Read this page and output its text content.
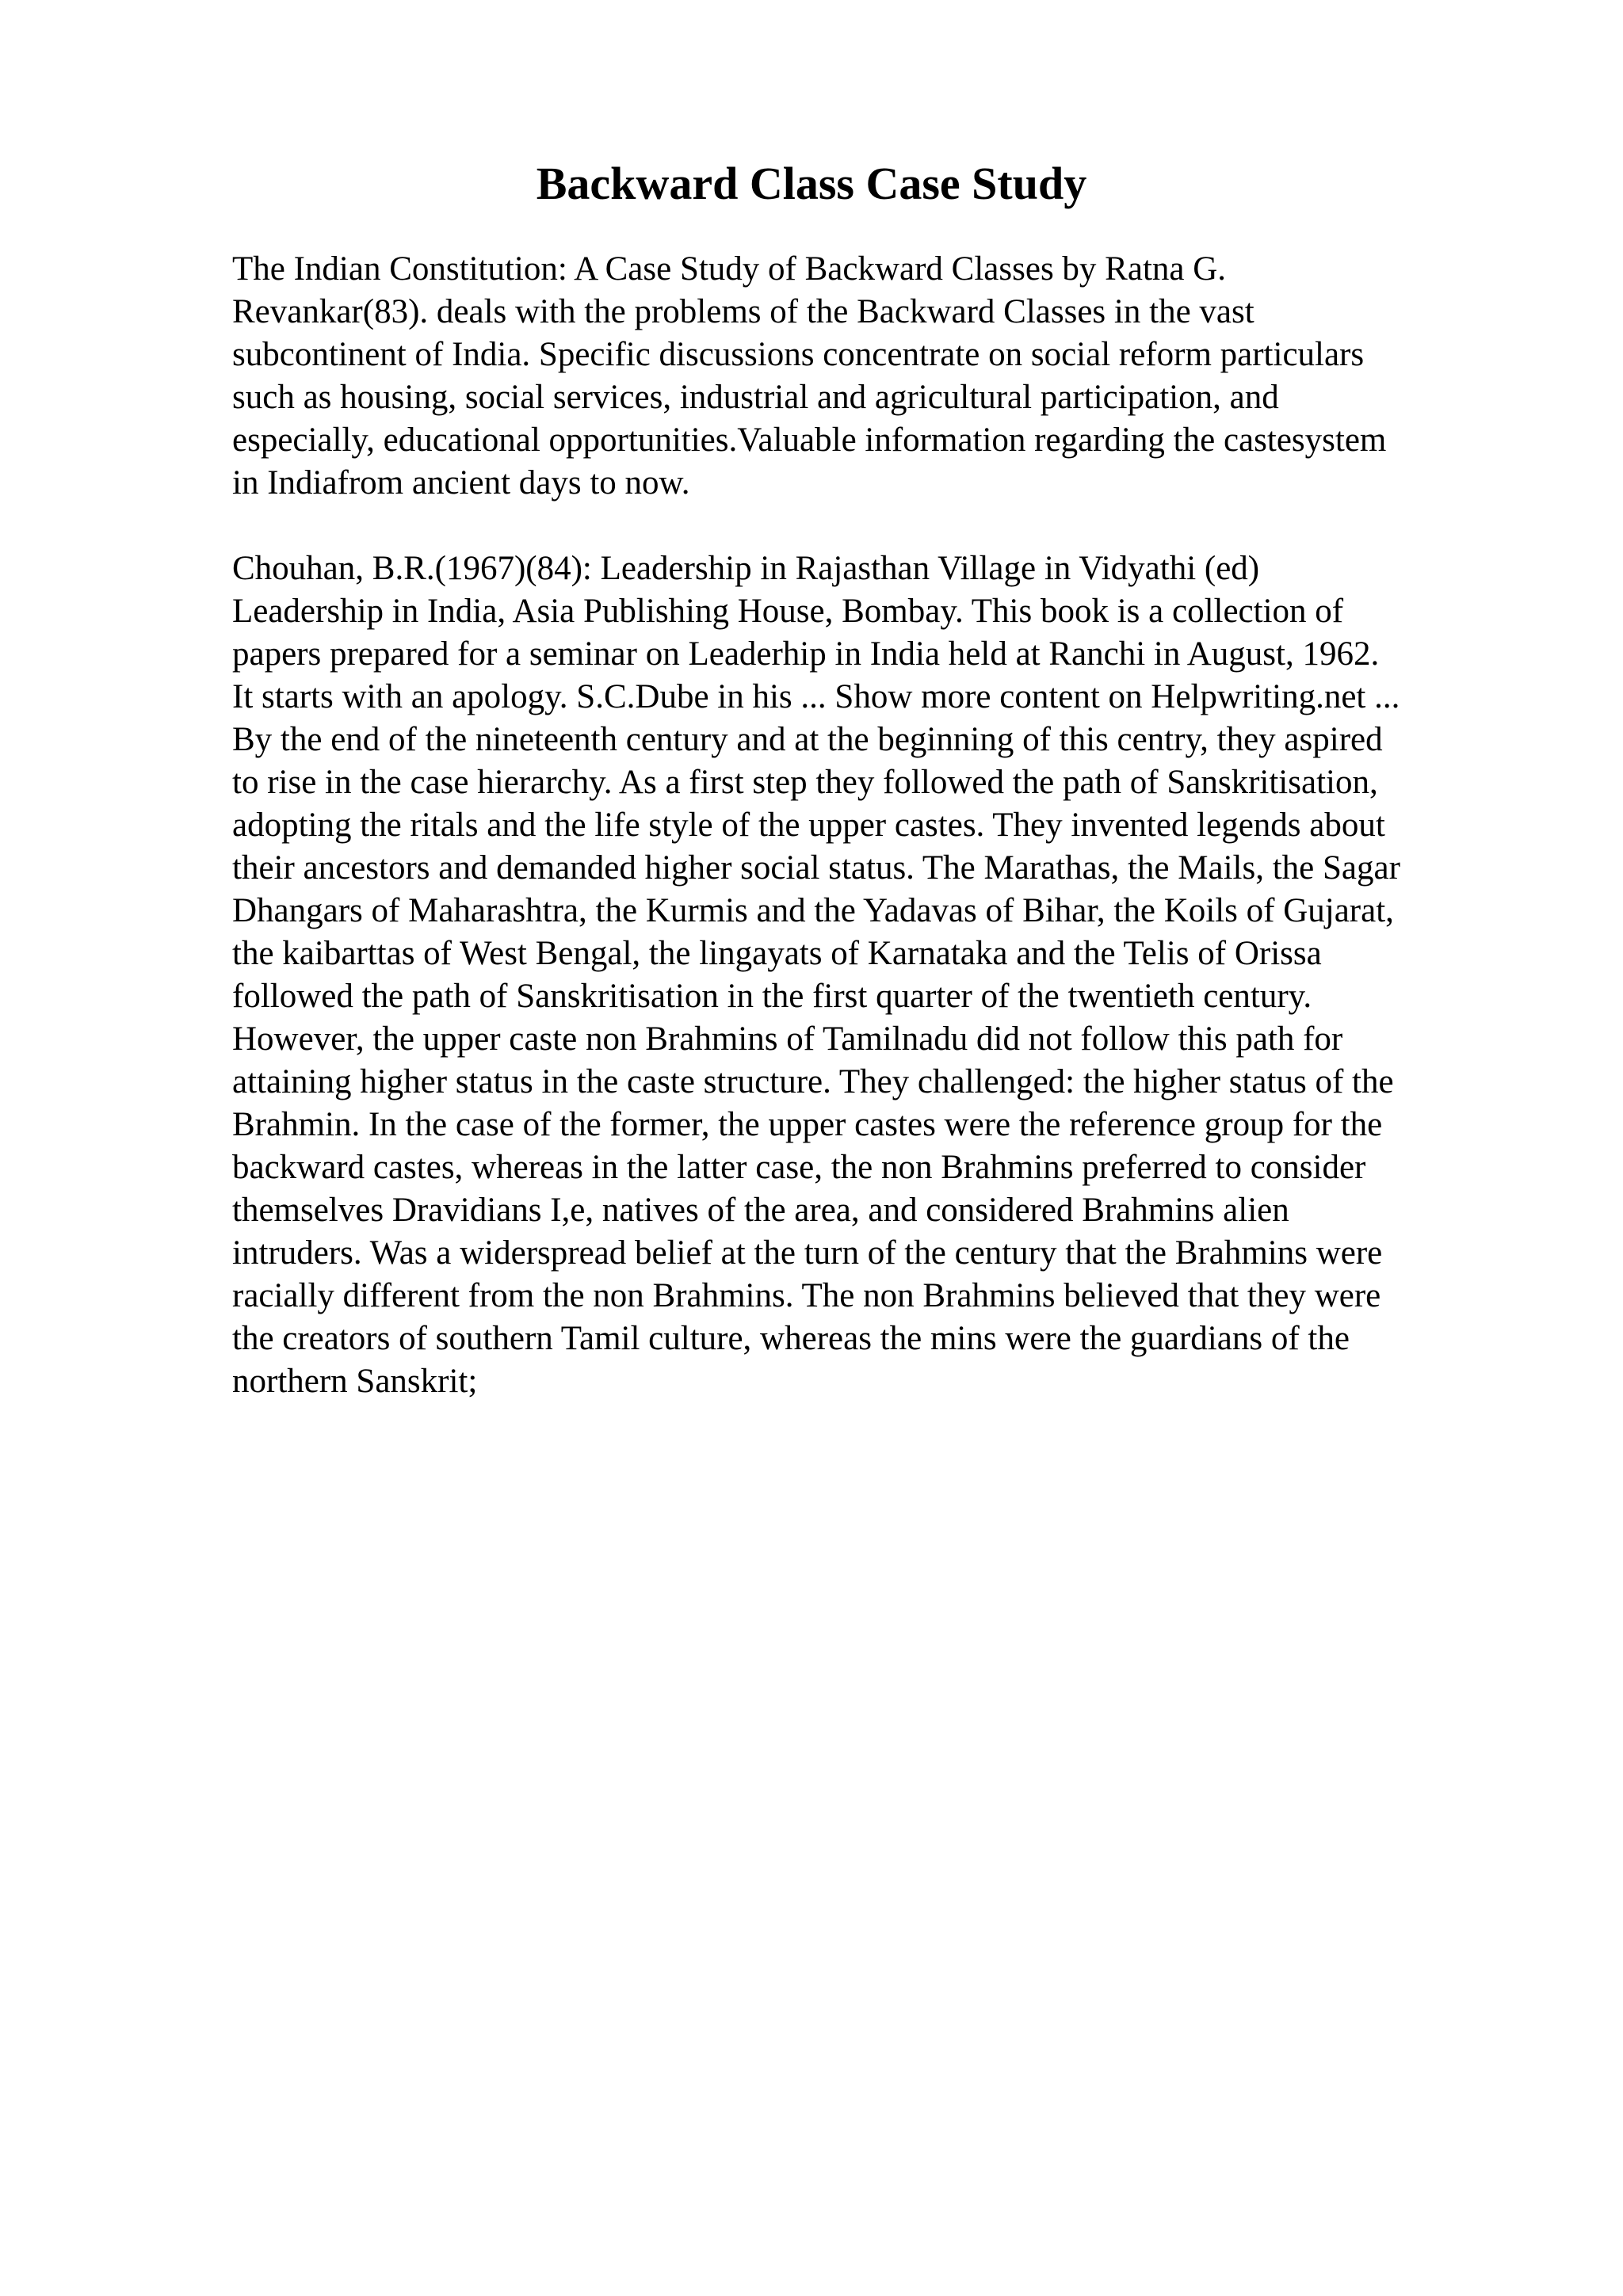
Backward Class Case Study

The Indian Constitution: A Case Study of Backward Classes by Ratna G.
Revankar(83). deals with the problems of the Backward Classes in the vast
subcontinent of India. Specific discussions concentrate on social reform particulars
such as housing, social services, industrial and agricultural participation, and
especially, educational opportunities.Valuable information regarding the castesystem
in Indiafrom ancient days to now.

Chouhan, B.R.(1967)(84): Leadership in Rajasthan Village in Vidyathi (ed)
Leadership in India, Asia Publishing House, Bombay. This book is a collection of
papers prepared for a seminar on Leaderhip in India held at Ranchi in August, 1962.
It starts with an apology. S.C.Dube in his ... Show more content on Helpwriting.net ...
By the end of the nineteenth century and at the beginning of this centry, they aspired
to rise in the case hierarchy. As a first step they followed the path of Sanskritisation,
adopting the ritals and the life style of the upper castes. They invented legends about
their ancestors and demanded higher social status. The Marathas, the Mails, the Sagar
Dhangars of Maharashtra, the Kurmis and the Yadavas of Bihar, the Koils of Gujarat,
the kaibarttas of West Bengal, the lingayats of Karnataka and the Telis of Orissa
followed the path of Sanskritisation in the first quarter of the twentieth century.
However, the upper caste non Brahmins of Tamilnadu did not follow this path for
attaining higher status in the caste structure. They challenged: the higher status of the
Brahmin. In the case of the former, the upper castes were the reference group for the
backward castes, whereas in the latter case, the non Brahmins preferred to consider
themselves Dravidians I,e, natives of the area, and considered Brahmins alien
intruders. Was a widerspread belief at the turn of the century that the Brahmins were
racially different from the non Brahmins. The non Brahmins believed that they were
the creators of southern Tamil culture, whereas the mins were the guardians of the
northern Sanskrit;
